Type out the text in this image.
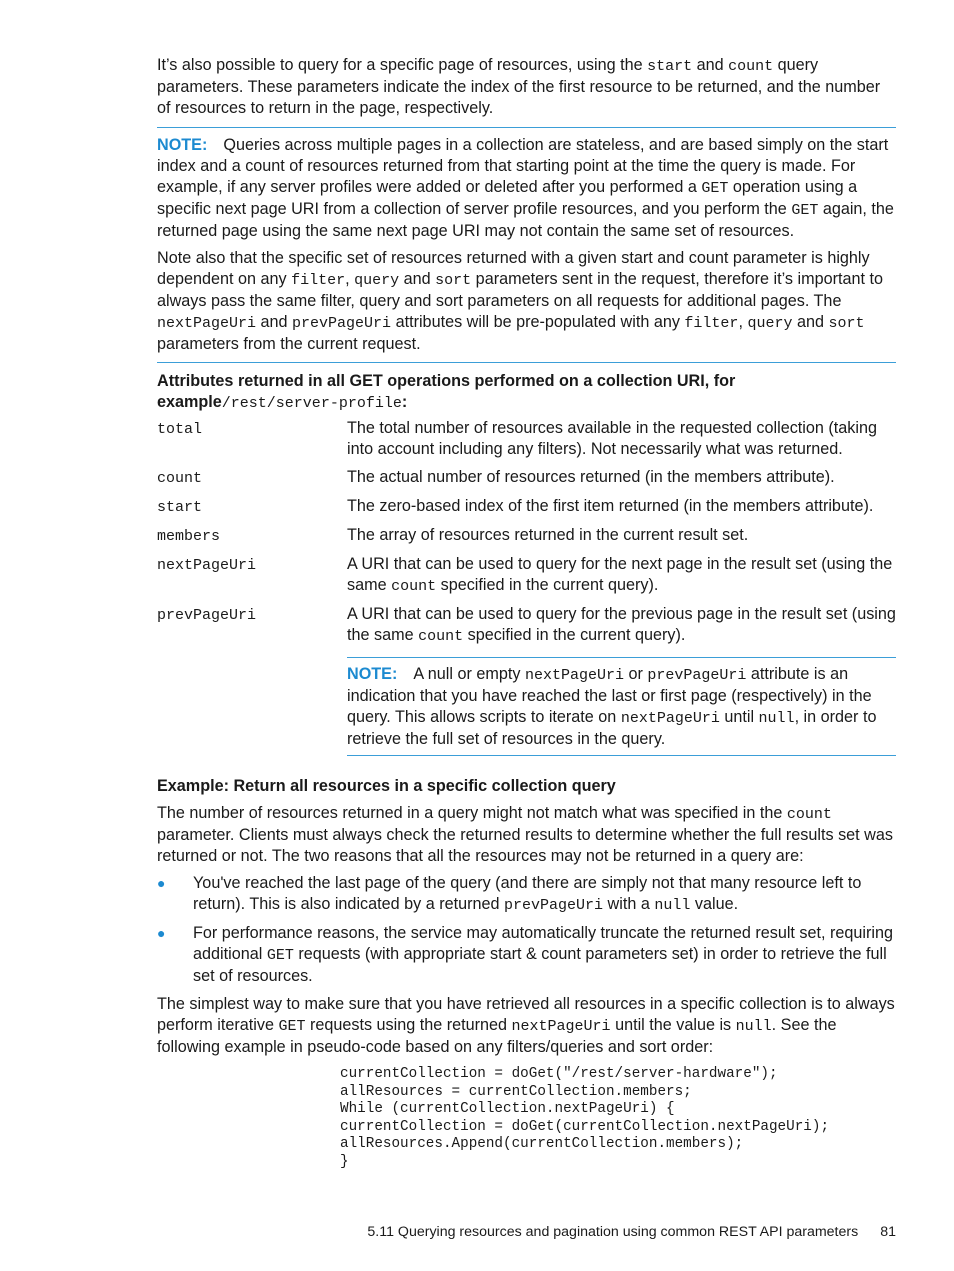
It’s also possible to query for a specific page of resources, using the start and count query parameters. These parameters indicate the index of the first resource to be returned, and the number of resources to return in the page, respectively.

NOTE: Queries across multiple pages in a collection are stateless, and are based simply on the start index and a count of resources returned from that starting point at the time the query is made. For example, if any server profiles were added or deleted after you performed a GET operation using a specific next page URI from a collection of server profile resources, and you perform the GET again, the returned page using the same next page URI may not contain the same set of resources.

Note also that the specific set of resources returned with a given start and count parameter is highly dependent on any filter, query and sort parameters sent in the request, therefore it’s important to always pass the same filter, query and sort parameters on all requests for additional pages. The nextPageUri and prevPageUri attributes will be pre-populated with any filter, query and sort parameters from the current request.

Attributes returned in all GET operations performed on a collection URI, for example/rest/server-profile:

total	The total number of resources available in the requested collection (taking into account including any filters). Not necessarily what was returned.
count	The actual number of resources returned (in the members attribute).
start	The zero-based index of the first item returned (in the members attribute).
members	The array of resources returned in the current result set.
nextPageUri	A URI that can be used to query for the next page in the result set (using the same count specified in the current query).
prevPageUri	A URI that can be used to query for the previous page in the result set (using the same count specified in the current query).

NOTE: A null or empty nextPageUri or prevPageUri attribute is an indication that you have reached the last or first page (respectively) in the query. This allows scripts to iterate on nextPageUri until null, in order to retrieve the full set of resources in the query.

Example: Return all resources in a specific collection query

The number of resources returned in a query might not match what was specified in the count parameter. Clients must always check the returned results to determine whether the full results set was returned or not. The two reasons that all the resources may not be returned in a query are:

● You've reached the last page of the query (and there are simply not that many resource left to return). This is also indicated by a returned prevPageUri with a null value.
● For performance reasons, the service may automatically truncate the returned result set, requiring additional GET requests (with appropriate start & count parameters set) in order to retrieve the full set of resources.

The simplest way to make sure that you have retrieved all resources in a specific collection is to always perform iterative GET requests using the returned nextPageUri until the value is null. See the following example in pseudo-code based on any filters/queries and sort order:

currentCollection = doGet("/rest/server-hardware");
allResources = currentCollection.members;
While (currentCollection.nextPageUri) {
currentCollection = doGet(currentCollection.nextPageUri);
allResources.Append(currentCollection.members);
}
5.11 Querying resources and pagination using common REST API parameters 81
